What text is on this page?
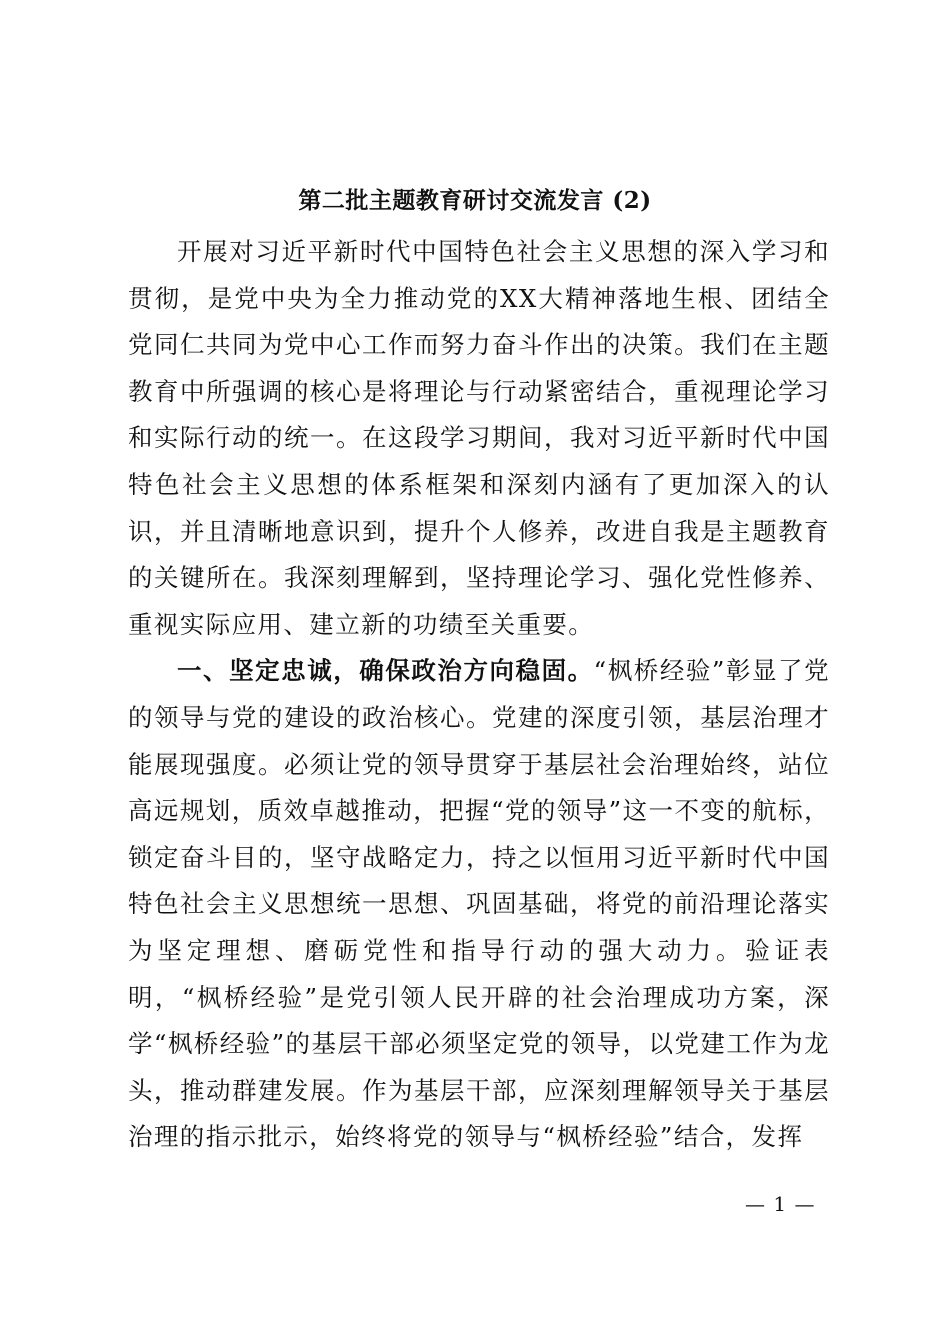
第二批主题教育研讨交流发言 (2)

开展对习近平新时代中国特色社会主义思想的深入学习和贯彻，是党中央为全力推动党的XX大精神落地生根、团结全党同仁共同为党中心工作而努力奋斗作出的决策。我们在主题教育中所强调的核心是将理论与行动紧密结合，重视理论学习和实际行动的统一。在这段学习期间，我对习近平新时代中国特色社会主义思想的体系框架和深刻内涵有了更加深入的认识，并且清晰地意识到，提升个人修养，改进自我是主题教育的关键所在。我深刻理解到，坚持理论学习、强化党性修养、重视实际应用、建立新的功绩至关重要。

一、坚定忠诚，确保政治方向稳固。“枫桥经验”彰显了党的领导与党的建设的政治核心。党建的深度引领，基层治理才能展现强度。必须让党的领导贯穿于基层社会治理始终，站位高远规划，质效卓越推动，把握“党的领导”这一不变的航标，锁定奋斗目的，坚守战略定力，持之以恒用习近平新时代中国特色社会主义思想统一思想、巩固基础，将党的前沿理论落实为坚定理想、磨砺党性和指导行动的强大动力。验证表明，“枫桥经验”是党引领人民开辟的社会治理成功方案，深学“枫桥经验”的基层干部必须坚定党的领导，以党建工作为龙头，推动群建发展。作为基层干部，应深刻理解领导关于基层治理的指示批示，始终将党的领导与“枫桥经验”结合，发挥

— 1 —
